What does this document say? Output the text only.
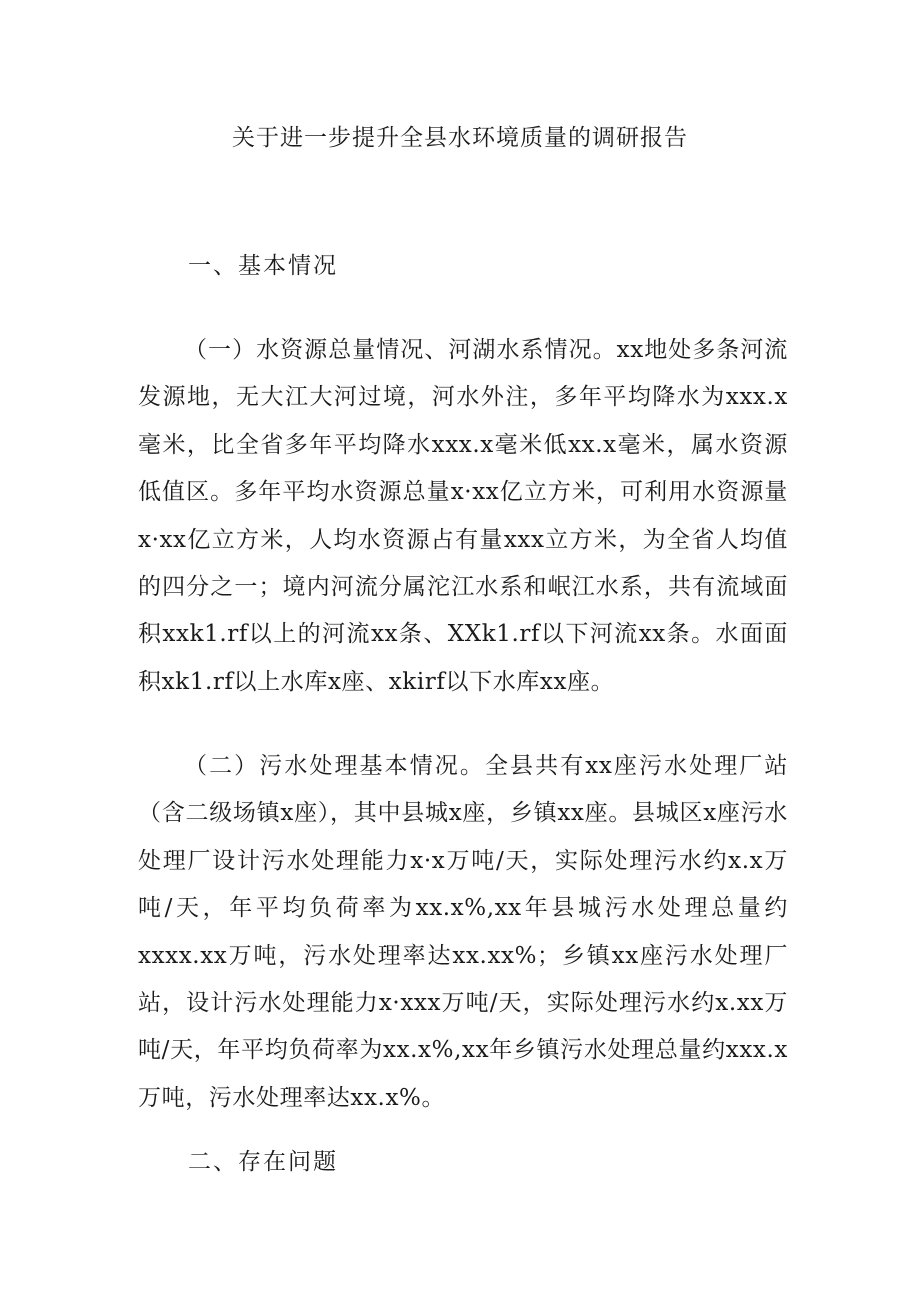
关于进一步提升全县水环境质量的调研报告
一、基本情况

（一）水资源总量情况、河湖水系情况。xx地处多条河流发源地，无大江大河过境，河水外注，多年平均降水为xxx.x毫米，比全省多年平均降水xxx.x毫米低xx.x毫米，属水资源低值区。多年平均水资源总量x·xx亿立方米，可利用水资源量x·xx亿立方米，人均水资源占有量xxx立方米，为全省人均值的四分之一；境内河流分属沱江水系和岷江水系，共有流域面积xxk1.rf以上的河流xx条、XXk1.rf以下河流xx条。水面面积xk1.rf以上水库x座、xkirf以下水库xx座。

（二）污水处理基本情况。全县共有xx座污水处理厂站（含二级场镇x座），其中县城x座，乡镇xx座。县城区x座污水处理厂设计污水处理能力x·x万吨/天，实际处理污水约x.x万吨/天，年平均负荷率为xx.x%,xx年县城污水处理总量约xxxx.xx万吨，污水处理率达xx.xx%；乡镇xx座污水处理厂站，设计污水处理能力x·xxx万吨/天，实际处理污水约x.xx万吨/天，年平均负荷率为xx.x%,xx年乡镇污水处理总量约xxx.x万吨，污水处理率达xx.x%。

二、存在问题
